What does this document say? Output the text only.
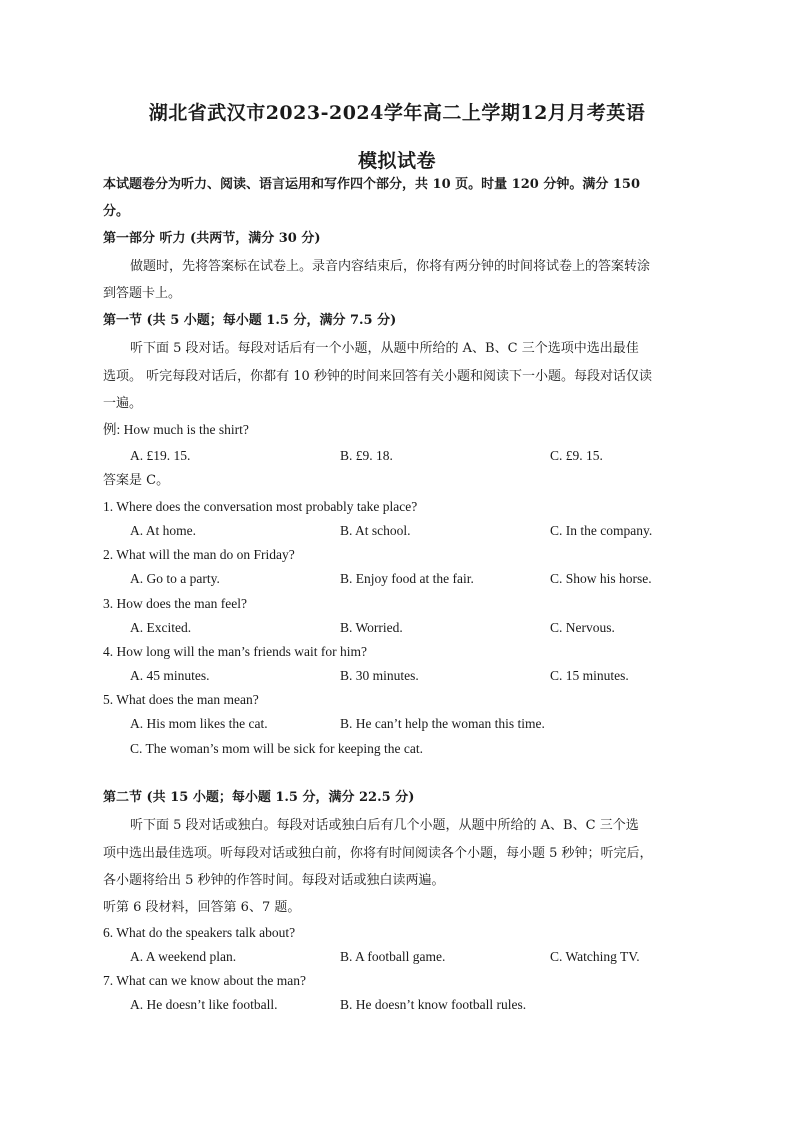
湖北省武汉市2023-2024学年高二上学期12月月考英语
模拟试卷
本试题卷分为听力、阅读、语言运用和写作四个部分，共 10 页。时量 120 分钟。满分 150
分。
第一部分 听力 (共两节，满分 30 分)
做题时，先将答案标在试卷上。录音内容结束后，你将有两分钟的时间将试卷上的答案转涂
到答题卡上。
第一节 (共 5 小题；每小题 1.5 分，满分 7.5 分)
听下面 5 段对话。每段对话后有一个小题，从题中所给的 A、B、C 三个选项中选出最佳
选项。 听完每段对话后，你都有 10 秒钟的时间来回答有关小题和阅读下一小题。每段对话仅读
一遍。
例: How much is the shirt?
A. £19. 15.	B. £9. 18.	C. £9. 15.
答案是 C。
1. Where does the conversation most probably take place?
A. At home.	B. At school.	C. In the company.
2. What will the man do on Friday?
A. Go to a party.	B. Enjoy food at the fair.	C. Show his horse.
3. How does the man feel?
A. Excited.	B. Worried.	C. Nervous.
4. How long will the man’s friends wait for him?
A. 45 minutes.	B. 30 minutes.	C. 15 minutes.
5. What does the man mean?
A. His mom likes the cat.	B. He can’t help the woman this time.
C. The woman’s mom will be sick for keeping the cat.
第二节 (共 15 小题；每小题 1.5 分，满分 22.5 分)
听下面 5 段对话或独白。每段对话或独白后有几个小题，从题中所给的 A、B、C 三个选
项中选出最佳选项。听每段对话或独白前，你将有时间阅读各个小题，每小题 5 秒钟；听完后，
各小题将给出 5 秒钟的作答时间。每段对话或独白读两遍。
听第 6 段材料，回答第 6、7 题。
6. What do the speakers talk about?
A. A weekend plan.	B. A football game.	C. Watching TV.
7. What can we know about the man?
A. He doesn’t like football.	B. He doesn’t know football rules.
